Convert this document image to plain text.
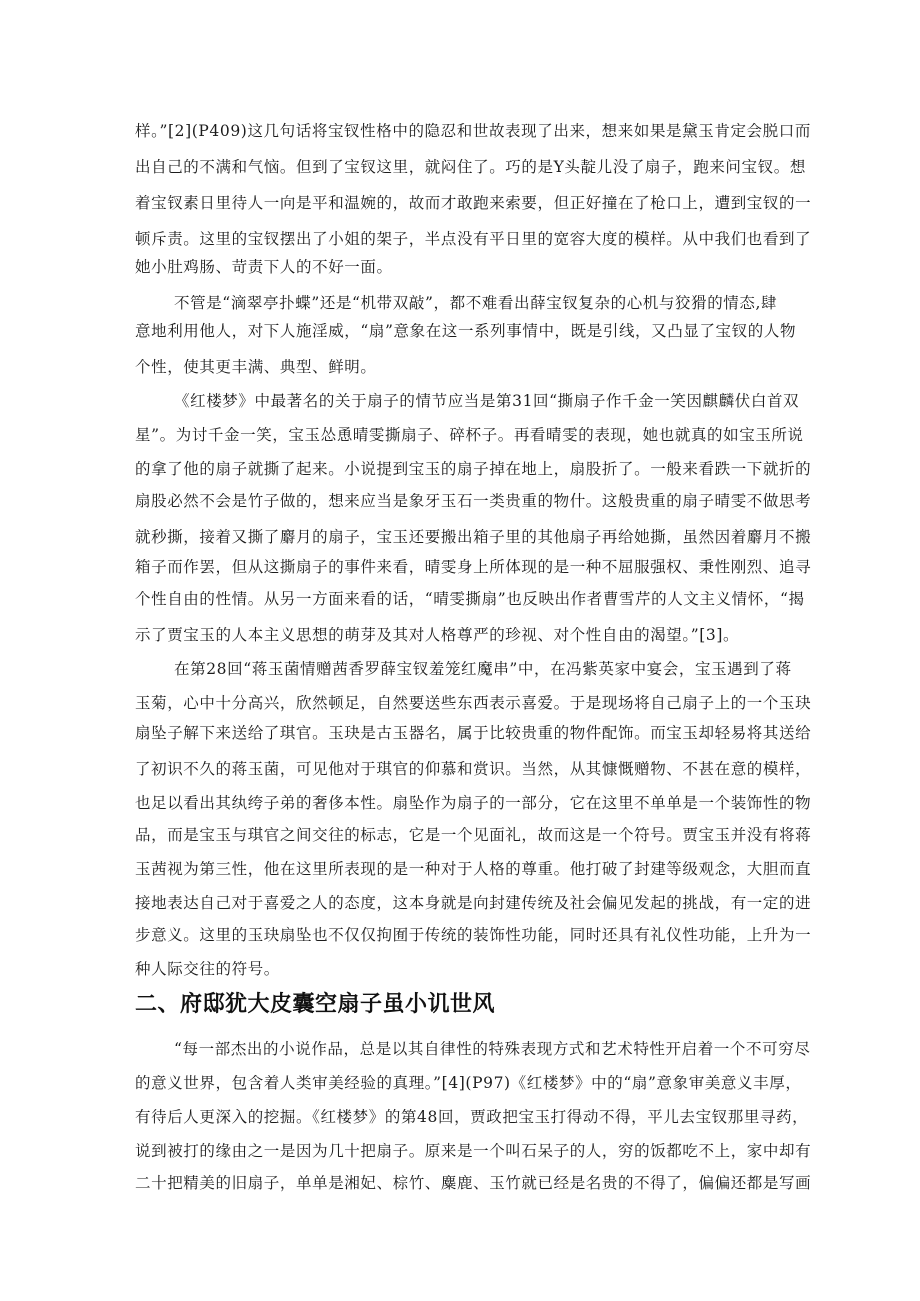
样。”[2](P409)这几句话将宝钗性格中的隐忍和世故表现了出来，想来如果是黛玉肯定会脱口而
出自己的不满和气恼。但到了宝钗这里，就闷住了。巧的是Y头靛儿没了扇子，跑来问宝钗。想
着宝钗素日里待人一向是平和温婉的，故而才敢跑来索要，但正好撞在了枪口上，遭到宝钗的一
顿斥责。这里的宝钗摆出了小姐的架子，半点没有平日里的宽容大度的模样。从中我们也看到了
她小肚鸡肠、苛责下人的不好一面。
不管是“滴翠亭扑蝶”还是“机带双敲”，都不难看出薛宝钗复杂的心机与狡猾的情态,肆
意地利用他人，对下人施淫威，“扇”意象在这一系列事情中，既是引线，又凸显了宝钗的人物
个性，使其更丰满、典型、鲜明。
《红楼梦》中最著名的关于扇子的情节应当是第31回“撕扇子作千金一笑因麒麟伏白首双
星”。为讨千金一笑，宝玉怂恿晴雯撕扇子、碎杯子。再看晴雯的表现，她也就真的如宝玉所说
的拿了他的扇子就撕了起来。小说提到宝玉的扇子掉在地上，扇股折了。一般来看跌一下就折的
扇股必然不会是竹子做的，想来应当是象牙玉石一类贵重的物什。这般贵重的扇子晴雯不做思考
就秒撕，接着又撕了麝月的扇子，宝玉还要搬出箱子里的其他扇子再给她撕，虽然因着麝月不搬
箱子而作罢，但从这撕扇子的事件来看，晴雯身上所体现的是一种不屈服强权、秉性刚烈、追寻
个性自由的性情。从另一方面来看的话，“晴雯撕扇”也反映出作者曹雪芹的人文主义情怀，“揭
示了贾宝玉的人本主义思想的萌芽及其对人格尊严的珍视、对个性自由的渴望。”[3]。
在第28回“蒋玉菌情赠茜香罗薛宝钗羞笼红魔串”中，在冯紫英家中宴会，宝玉遇到了蒋
玉菊，心中十分高兴，欣然顿足，自然要送些东西表示喜爱。于是现场将自己扇子上的一个玉玦
扇坠子解下来送给了琪官。玉玦是古玉器名，属于比较贵重的物件配饰。而宝玉却轻易将其送给
了初识不久的蒋玉菌，可见他对于琪官的仰慕和赏识。当然，从其慷慨赠物、不甚在意的模样，
也足以看出其纨绔子弟的奢侈本性。扇坠作为扇子的一部分，它在这里不单单是一个装饰性的物
品，而是宝玉与琪官之间交往的标志，它是一个见面礼，故而这是一个符号。贾宝玉并没有将蒋
玉茜视为第三性，他在这里所表现的是一种对于人格的尊重。他打破了封建等级观念，大胆而直
接地表达自己对于喜爱之人的态度，这本身就是向封建传统及社会偏见发起的挑战，有一定的进
步意义。这里的玉玦扇坠也不仅仅拘囿于传统的装饰性功能，同时还具有礼仪性功能，上升为一
种人际交往的符号。
二、府邸犹大皮囊空扇子虽小讥世风
“每一部杰出的小说作品，总是以其自律性的特殊表现方式和艺术特性开启着一个不可穷尽
的意义世界，包含着人类审美经验的真理。”[4](P97)《红楼梦》中的“扇”意象审美意义丰厚，
有待后人更深入的挖掘。《红楼梦》的第48回，贾政把宝玉打得动不得，平儿去宝钗那里寻药，
说到被打的缘由之一是因为几十把扇子。原来是一个叫石呆子的人，穷的饭都吃不上，家中却有
二十把精美的旧扇子，单单是湘妃、棕竹、麋鹿、玉竹就已经是名贵的不得了，偏偏还都是写画
